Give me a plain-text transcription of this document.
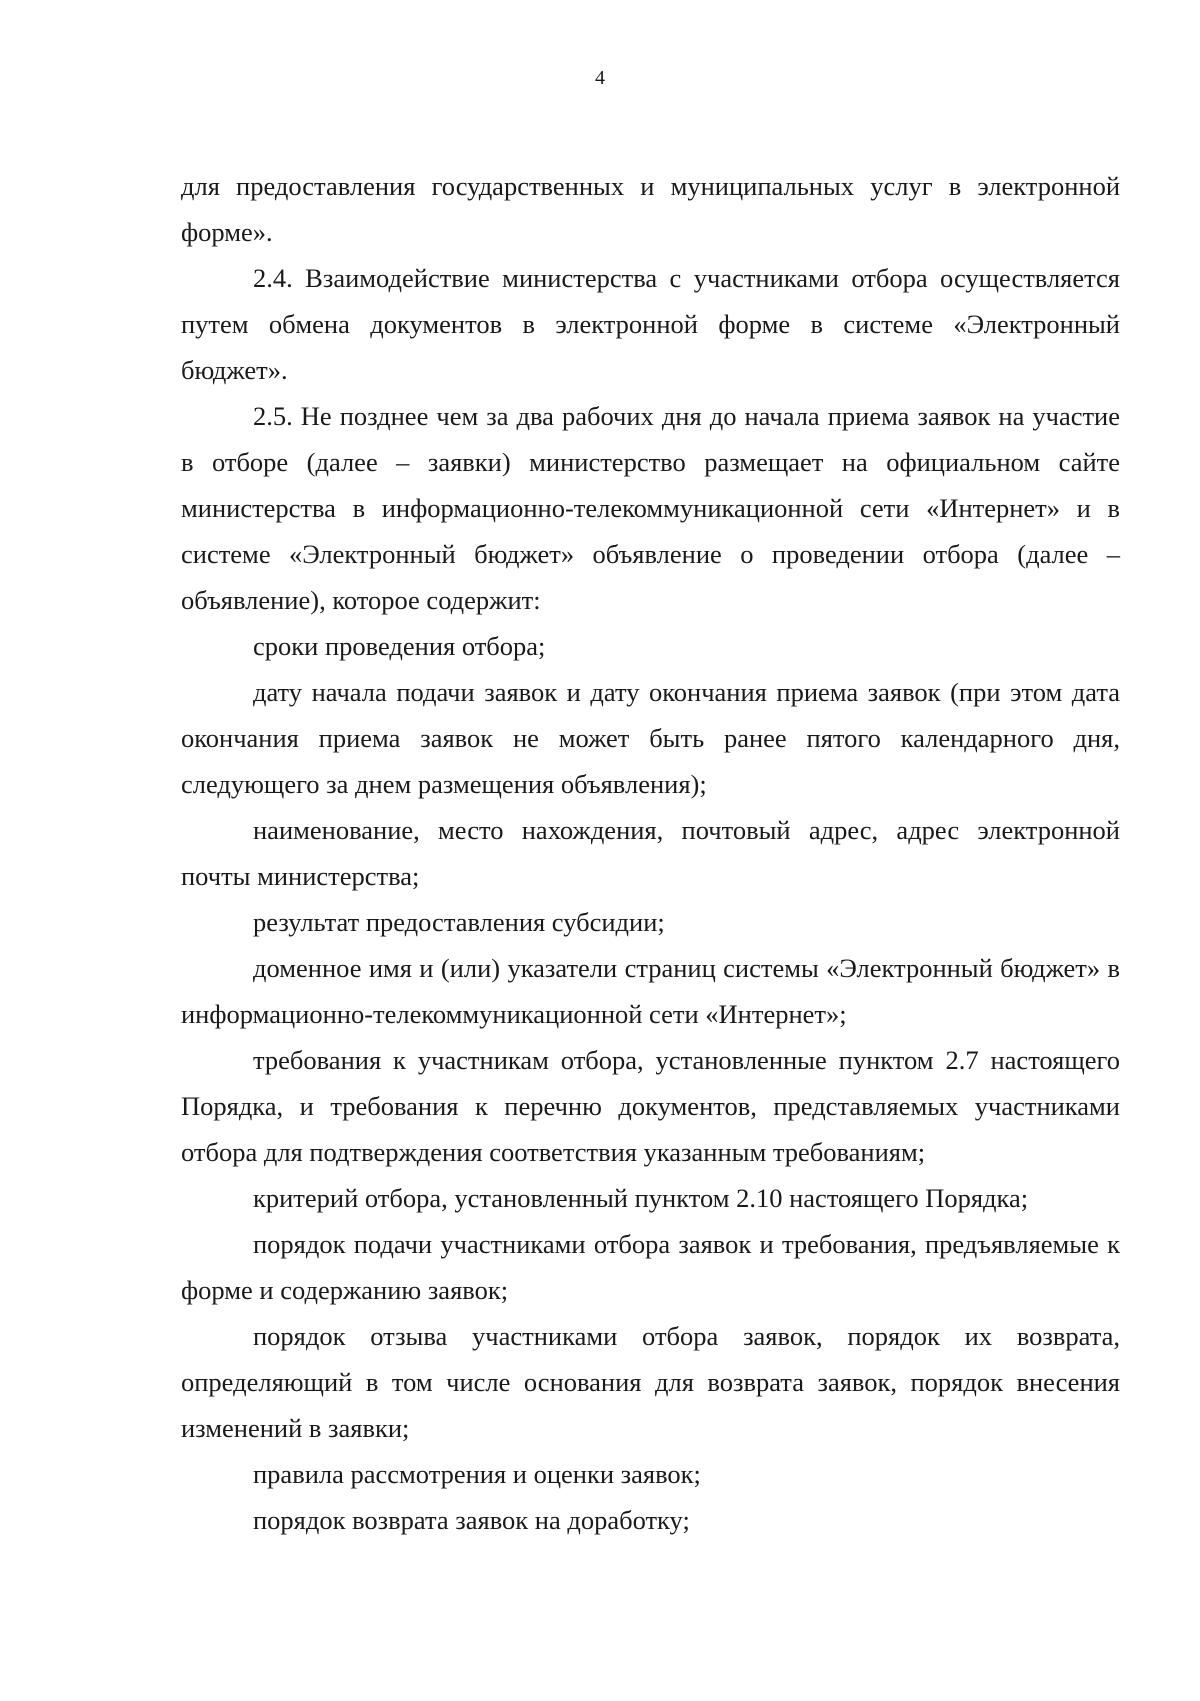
4

для предоставления государственных и муниципальных услуг в электронной форме».

2.4. Взаимодействие министерства с участниками отбора осуществляется путем обмена документов в электронной форме в системе «Электронный бюджет».

2.5. Не позднее чем за два рабочих дня до начала приема заявок на участие в отборе (далее – заявки) министерство размещает на официальном сайте министерства в информационно-телекоммуникационной сети «Интернет» и в системе «Электронный бюджет» объявление о проведении отбора (далее – объявление), которое содержит:

сроки проведения отбора;

дату начала подачи заявок и дату окончания приема заявок (при этом дата окончания приема заявок не может быть ранее пятого календарного дня, следующего за днем размещения объявления);

наименование, место нахождения, почтовый адрес, адрес электронной почты министерства;

результат предоставления субсидии;

доменное имя и (или) указатели страниц системы «Электронный бюджет» в информационно-телекоммуникационной сети «Интернет»;

требования к участникам отбора, установленные пунктом 2.7 настоящего Порядка, и требования к перечню документов, представляемых участниками отбора для подтверждения соответствия указанным требованиям;

критерий отбора, установленный пунктом 2.10 настоящего Порядка;

порядок подачи участниками отбора заявок и требования, предъявляемые к форме и содержанию заявок;

порядок отзыва участниками отбора заявок, порядок их возврата, определяющий в том числе основания для возврата заявок, порядок внесения изменений в заявки;

правила рассмотрения и оценки заявок;

порядок возврата заявок на доработку;
